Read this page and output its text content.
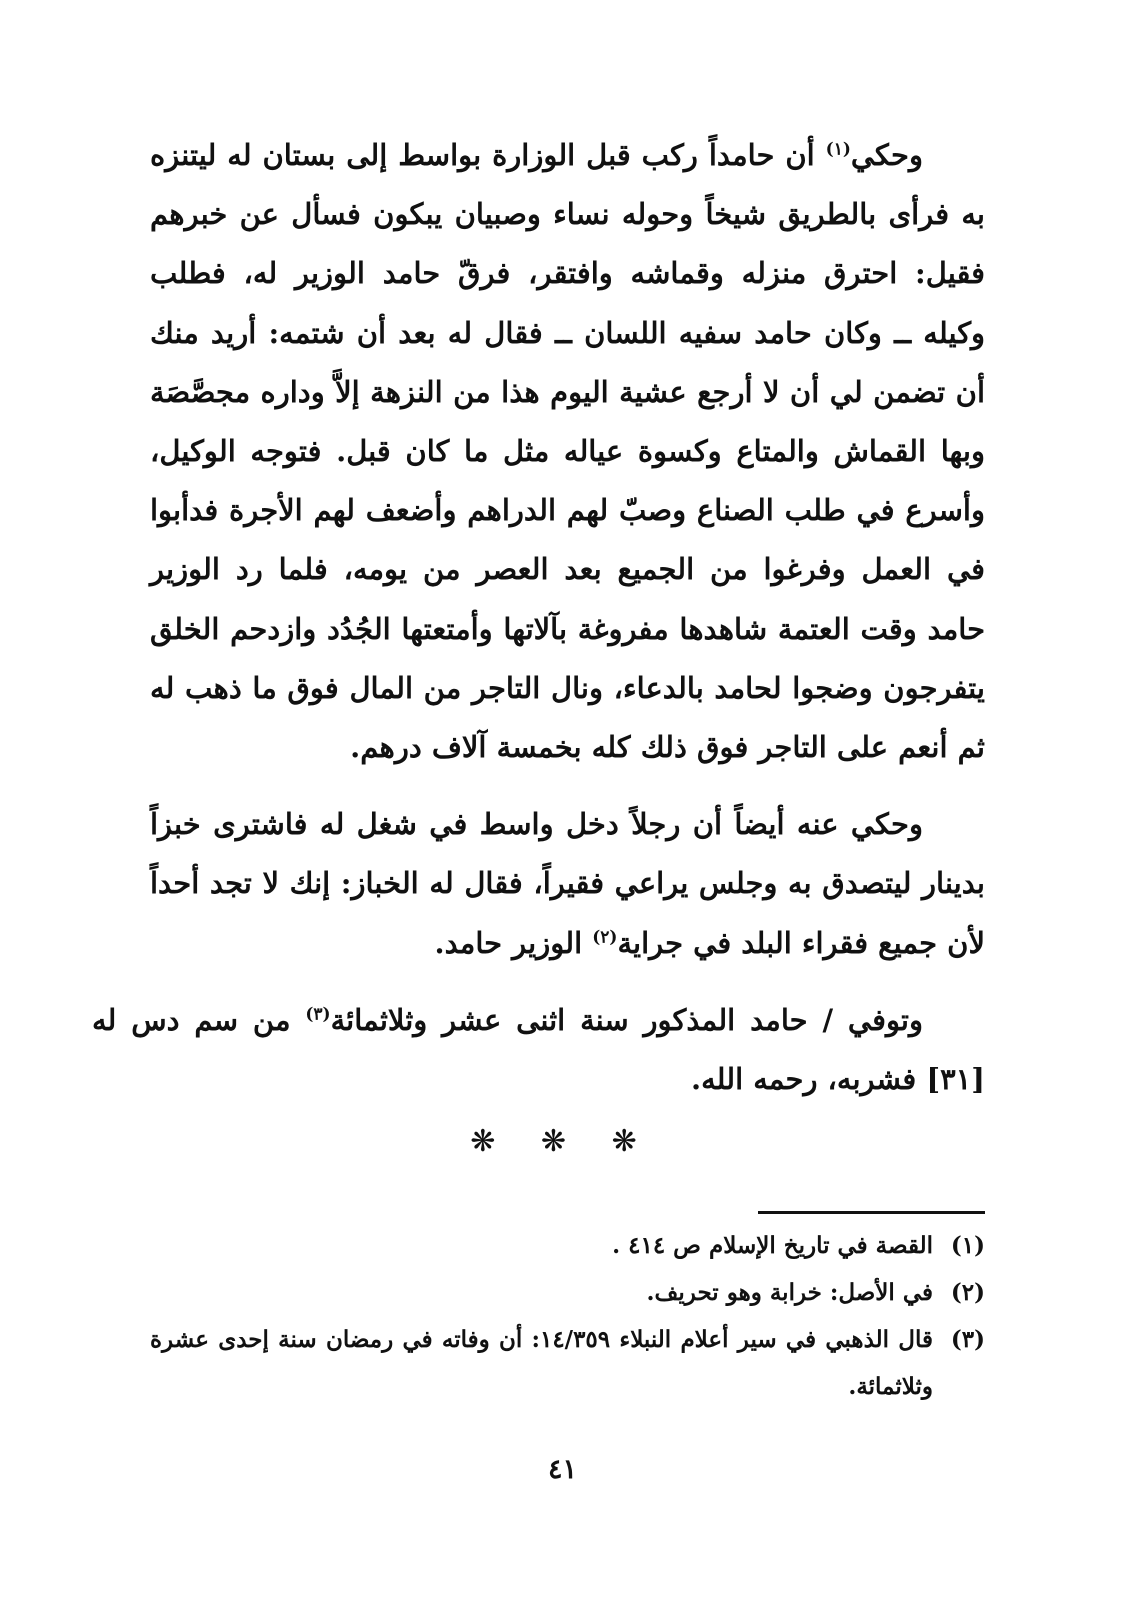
وحكي$^{(١)}$ أن حامداً ركب قبل الوزارة بواسط إلى بستان له ليتنزه به فرأى بالطريق شيخاً وحوله نساء وصبيان يبكون فسأل عن خبرهم فقيل: احترق منزله وقماشه وافتقر، فرقّ حامد الوزير له، فطلب وكيله ــ وكان حامد سفيه اللسان ــ فقال له بعد أن شتمه: أريد منك أن تضمن لي أن لا أرجع عشية اليوم هذا من النزهة إلاَّ وداره مجصَّصَة وبها القماش والمتاع وكسوة عياله مثل ما كان قبل. فتوجه الوكيل، وأسرع في طلب الصناع وصبّ لهم الدراهم وأضعف لهم الأجرة فدأبوا في العمل وفرغوا من الجميع بعد العصر من يومه، فلما رد الوزير حامد وقت العتمة شاهدها مفروغة بآلاتها وأمتعتها الجُدُد وازدحم الخلق يتفرجون وضجوا لحامد بالدعاء، ونال التاجر من المال فوق ما ذهب له ثم أنعم على التاجر فوق ذلك كله بخمسة آلاف درهم.

وحكي عنه أيضاً أن رجلاً دخل واسط في شغل له فاشترى خبزاً بدينار ليتصدق به وجلس يراعي فقيراً، فقال له الخباز: إنك لا تجد أحداً لأن جميع فقراء البلد في جراية$^{(٢)}$ الوزير حامد.

وتوفي / حامد المذكور سنة اثنى عشر وثلاثمائة$^{(٣)}$ من سم دس له [٣١] فشربه، رحمه الله.

❋ ❋ ❋
(١)
القصة في تاريخ الإسلام ص ٤١٤ .
(٢)
في الأصل: خرابة وهو تحريف.
(٣)
قال الذهبي في سير أعلام النبلاء ١٤/٣٥٩: أن وفاته في رمضان سنة إحدى عشرة وثلاثمائة.
٤١
